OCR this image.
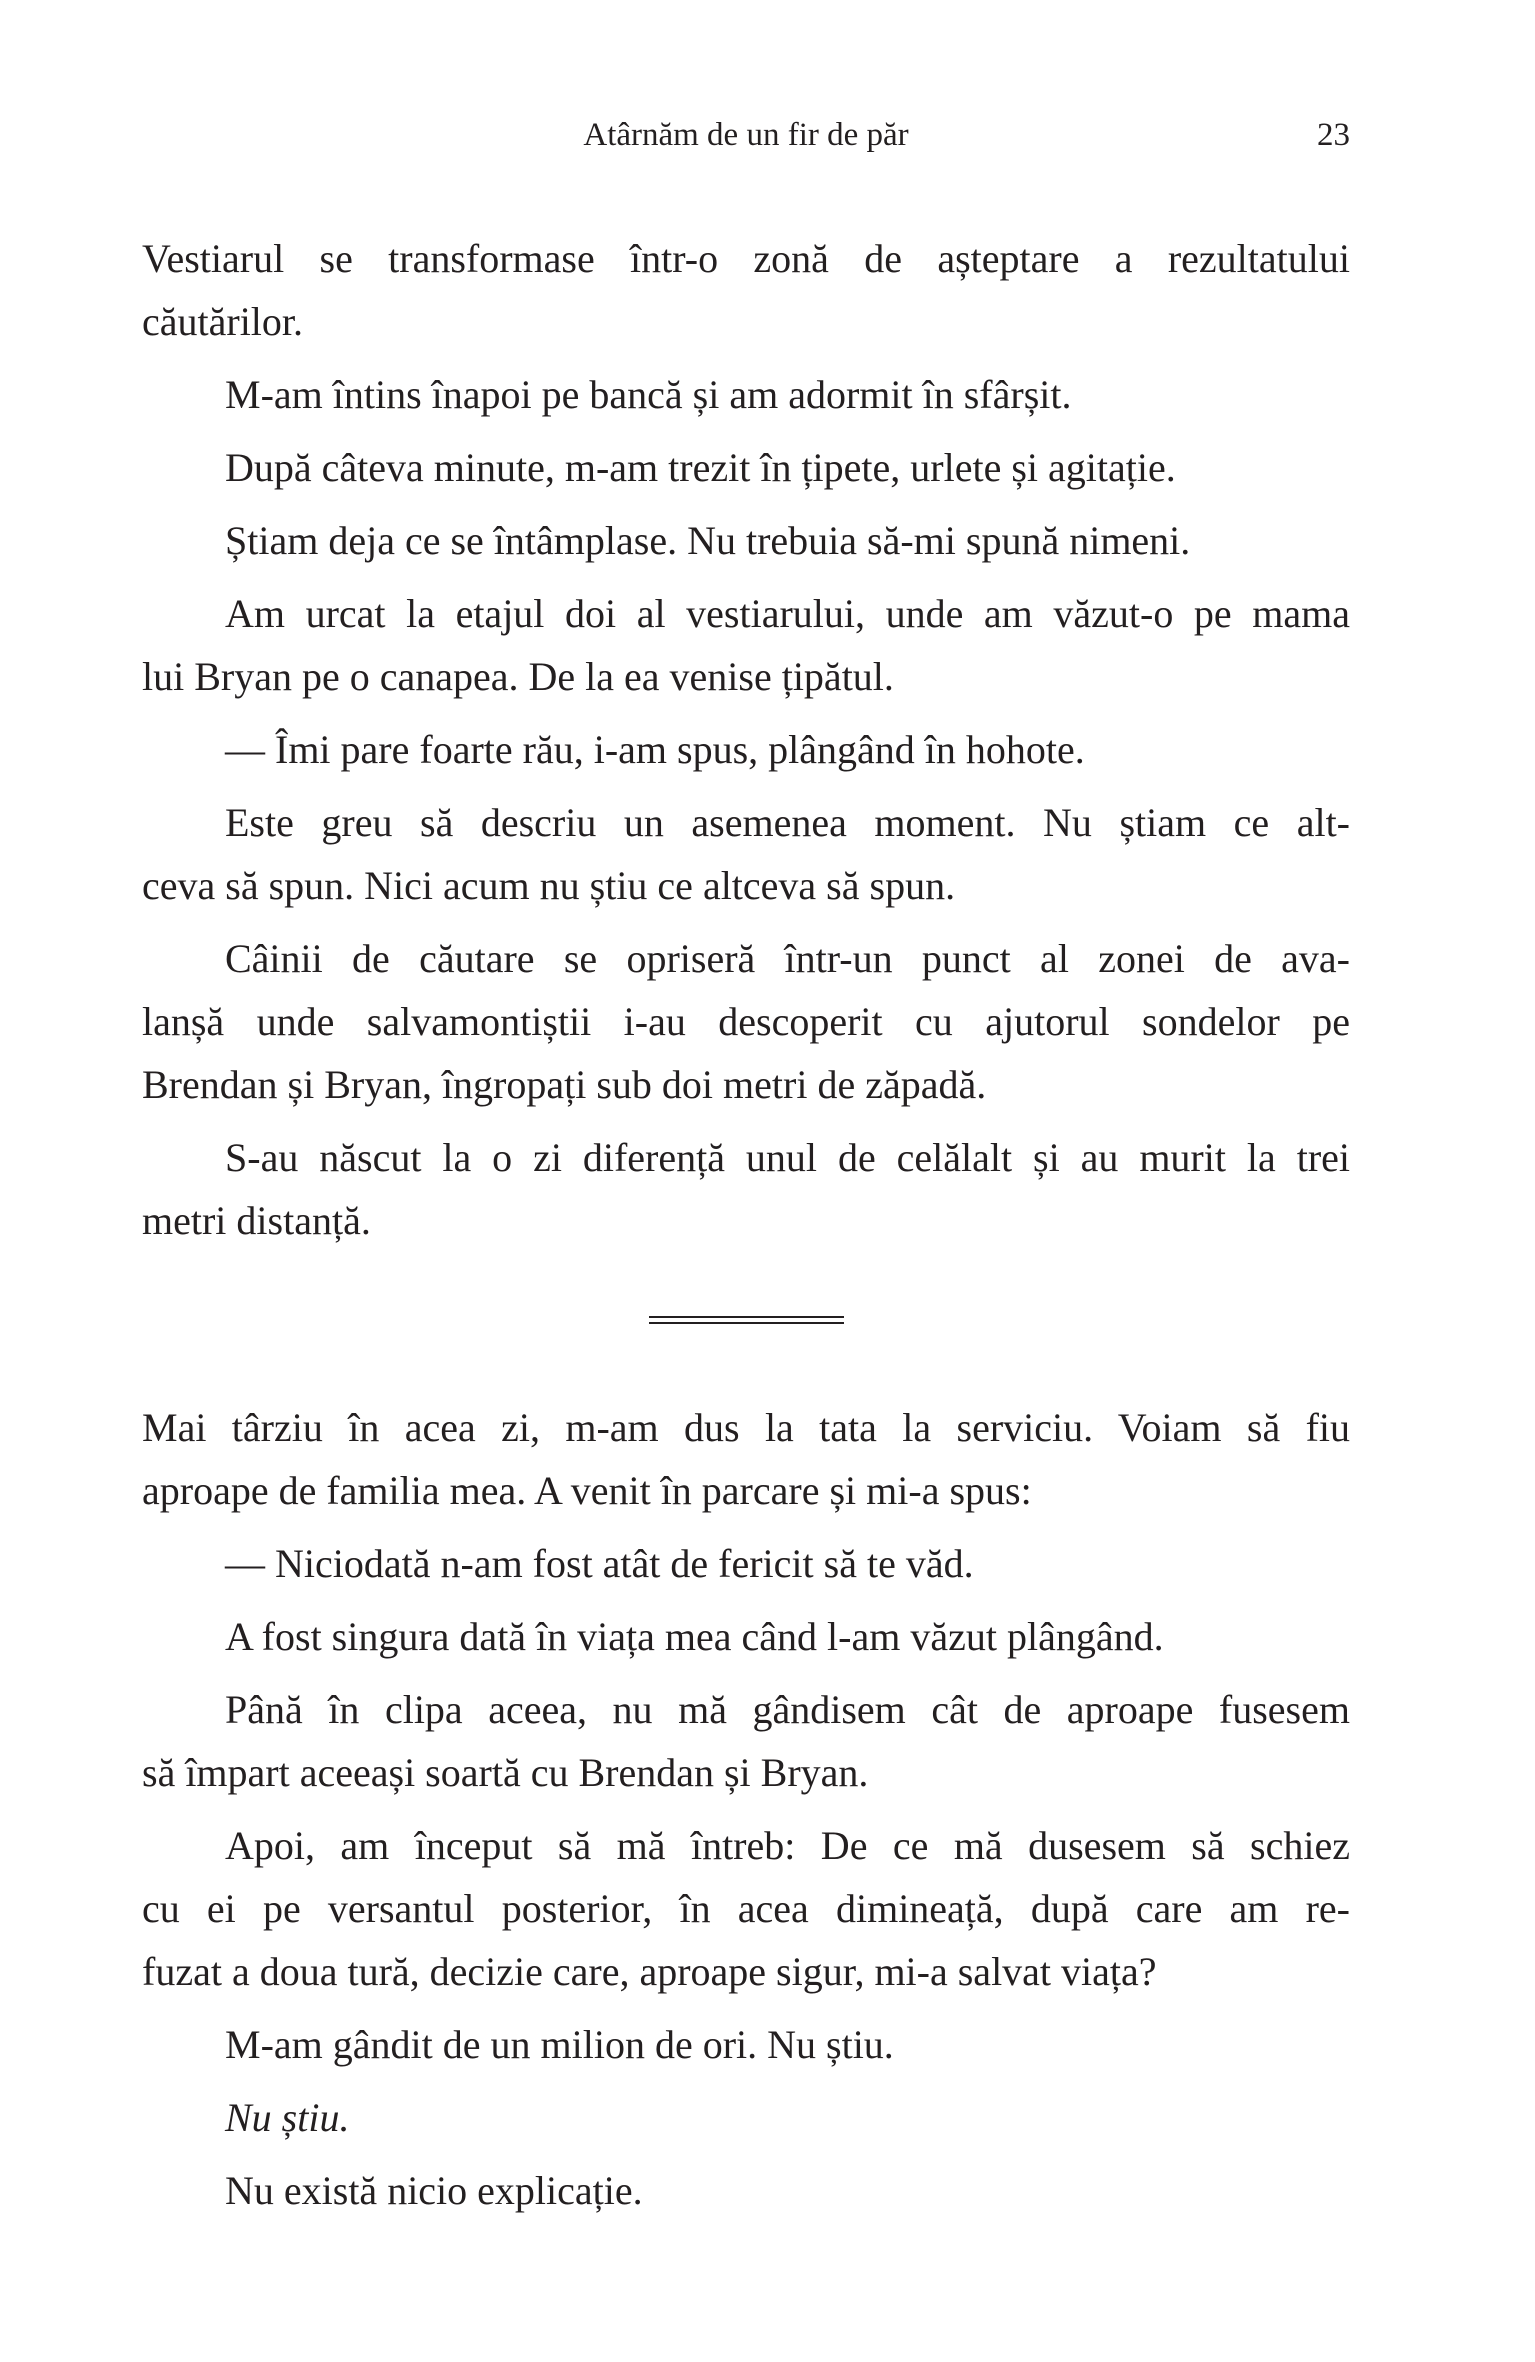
Atârnăm de un fir de păr	23
Vestiarul se transformase într-o zonă de așteptare a rezultatului
căutărilor.
M-am întins înapoi pe bancă și am adormit în sfârșit.
După câteva minute, m-am trezit în țipete, urlete și agitație.
Știam deja ce se întâmplase. Nu trebuia să-mi spună nimeni.
Am urcat la etajul doi al vestiarului, unde am văzut-o pe mama
lui Bryan pe o canapea. De la ea venise țipătul.
— Îmi pare foarte rău, i-am spus, plângând în hohote.
Este greu să descriu un asemenea moment. Nu știam ce alt-
ceva să spun. Nici acum nu știu ce altceva să spun.
Câinii de căutare se opriseră într-un punct al zonei de ava-
lanșă unde salvamontiștii i-au descoperit cu ajutorul sondelor pe
Brendan și Bryan, îngropați sub doi metri de zăpadă.
S-au născut la o zi diferență unul de celălalt și au murit la trei
metri distanță.
Mai târziu în acea zi, m-am dus la tata la serviciu. Voiam să fiu
aproape de familia mea. A venit în parcare și mi-a spus:
— Niciodată n-am fost atât de fericit să te văd.
A fost singura dată în viața mea când l-am văzut plângând.
Până în clipa aceea, nu mă gândisem cât de aproape fusesem
să împart aceeași soartă cu Brendan și Bryan.
Apoi, am început să mă întreb: De ce mă dusesem să schiez
cu ei pe versantul posterior, în acea dimineață, după care am re-
fuzat a doua tură, decizie care, aproape sigur, mi-a salvat viața?
M-am gândit de un milion de ori. Nu știu.
Nu știu.
Nu există nicio explicație.
